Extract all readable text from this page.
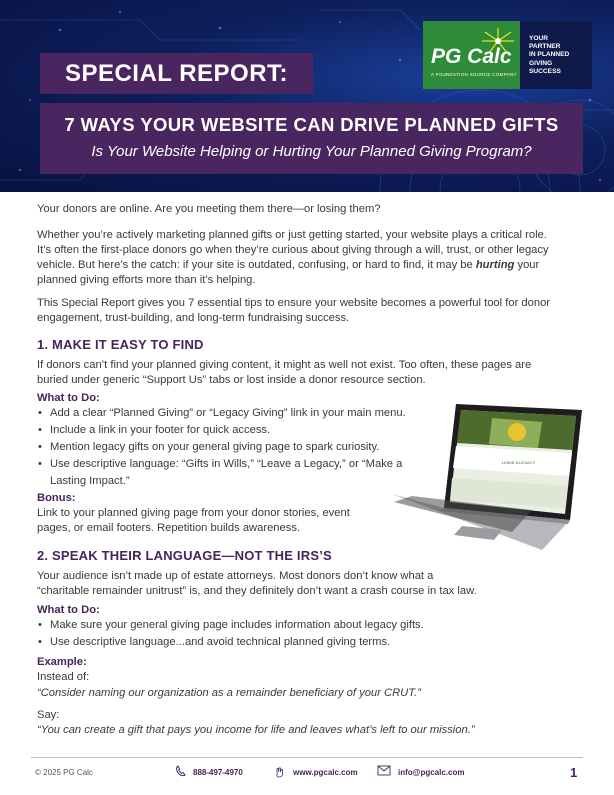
SPECIAL REPORT:
PG Calc
A FOUNDATION SOURCE COMPANY
YOUR
PARTNER
IN PLANNED
GIVING
SUCCESS
7 WAYS YOUR WEBSITE CAN DRIVE PLANNED GIFTS
Is Your Website Helping or Hurting Your Planned Giving Program?
Your donors are online. Are you meeting them there—or losing them?
Whether you’re actively marketing planned gifts or just getting started, your website plays a critical role.
It’s often the first-place donors go when they’re curious about giving through a will, trust, or other legacy
vehicle. But here’s the catch: if your site is outdated, confusing, or hard to find, it may be hurting your
planned giving efforts more than it’s helping.
This Special Report gives you 7 essential tips to ensure your website becomes a powerful tool for donor
engagement, trust-building, and long-term fundraising success.
1. MAKE IT EASY TO FIND
If donors can’t find your planned giving content, it might as well not exist. Too often, these pages are
buried under generic “Support Us” tabs or lost inside a donor resource section.
What to Do:
• Add a clear “Planned Giving” or “Legacy Giving” link in your main menu.
• Include a link in your footer for quick access.
• Mention legacy gifts on your general giving page to spark curiosity.
• Use descriptive language: “Gifts in Wills,” “Leave a Legacy,” or “Make a
Lasting Impact.”
Bonus:
Link to your planned giving page from your donor stories, event
pages, or email footers. Repetition builds awareness.
LEAVE A LEGACY
2. SPEAK THEIR LANGUAGE—NOT THE IRS’S
Your audience isn’t made up of estate attorneys. Most donors don’t know what a
“charitable remainder unitrust” is, and they definitely don’t want a crash course in tax law.
What to Do:
• Make sure your general giving page includes information about legacy gifts.
• Use descriptive language...and avoid technical planned giving terms.
Example:
Instead of:
“Consider naming our organization as a remainder beneficiary of your CRUT.”
Say:
“You can create a gift that pays you income for life and leaves what’s left to our mission.”
© 2025 PG Calc	888-497-4970	www.pgcalc.com	info@pgcalc.com	1
